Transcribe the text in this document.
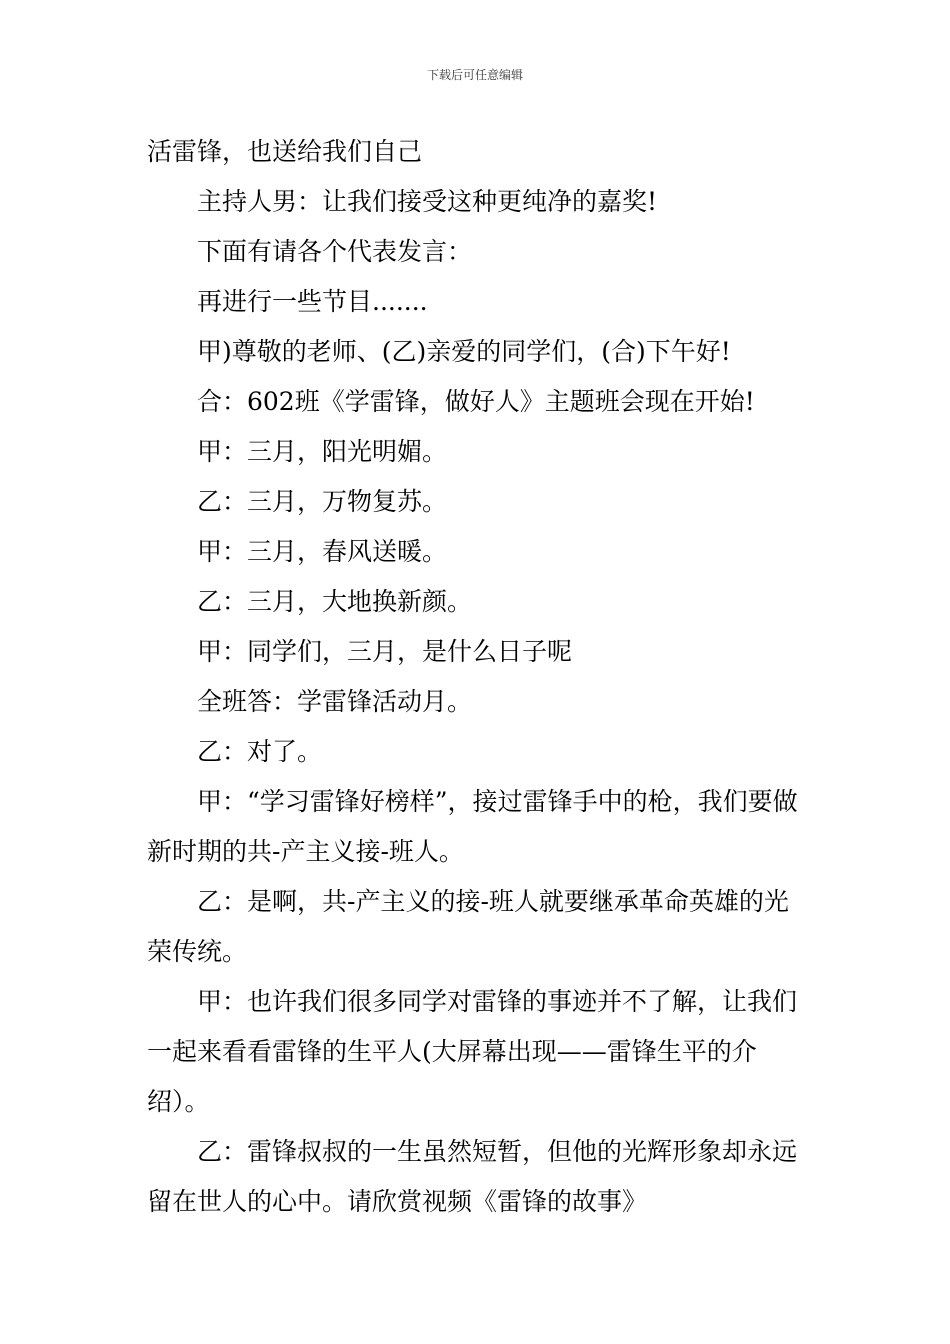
下载后可任意编辑

活雷锋，也送给我们自己

主持人男：让我们接受这种更纯净的嘉奖!

下面有请各个代表发言：

再进行一些节目.......

甲)尊敬的老师、(乙)亲爱的同学们，(合)下午好!

合：602班《学雷锋，做好人》主题班会现在开始!

甲：三月，阳光明媚。

乙：三月，万物复苏。

甲：三月，春风送暖。

乙：三月，大地换新颜。

甲：同学们，三月，是什么日子呢

全班答：学雷锋活动月。

乙：对了。

甲：“学习雷锋好榜样”，接过雷锋手中的枪，我们要做新时期的共-产主义接-班人。

乙：是啊，共-产主义的接-班人就要继承革命英雄的光荣传统。

甲：也许我们很多同学对雷锋的事迹并不了解，让我们一起来看看雷锋的生平人(大屏幕出现——雷锋生平的介绍）。

乙：雷锋叔叔的一生虽然短暂，但他的光辉形象却永远留在世人的心中。请欣赏视频《雷锋的故事》
